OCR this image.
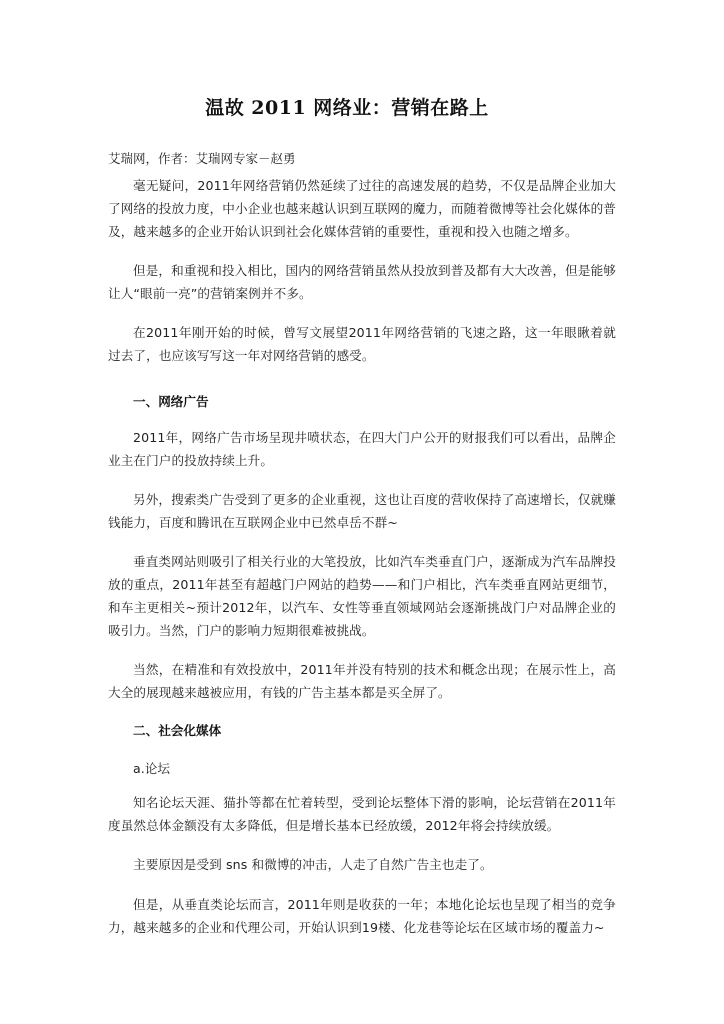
温故 2011 网络业：营销在路上
艾瑞网，作者：艾瑞网专家－赵勇

毫无疑问，2011年网络营销仍然延续了过往的高速发展的趋势，不仅是品牌企业加大了网络的投放力度，中小企业也越来越认识到互联网的魔力，而随着微博等社会化媒体的普及，越来越多的企业开始认识到社会化媒体营销的重要性，重视和投入也随之增多。

但是，和重视和投入相比，国内的网络营销虽然从投放到普及都有大大改善，但是能够让人“眼前一亮”的营销案例并不多。

在2011年刚开始的时候，曾写文展望2011年网络营销的飞速之路，这一年眼瞅着就过去了，也应该写写这一年对网络营销的感受。

一、网络广告

2011年，网络广告市场呈现井喷状态，在四大门户公开的财报我们可以看出，品牌企业主在门户的投放持续上升。

另外，搜索类广告受到了更多的企业重视，这也让百度的营收保持了高速增长，仅就赚钱能力，百度和腾讯在互联网企业中已然卓岳不群~

垂直类网站则吸引了相关行业的大笔投放，比如汽车类垂直门户，逐渐成为汽车品牌投放的重点，2011年甚至有超越门户网站的趋势——和门户相比，汽车类垂直网站更细节，和车主更相关~预计2012年，以汽车、女性等垂直领域网站会逐渐挑战门户对品牌企业的吸引力。当然，门户的影响力短期很难被挑战。

当然，在精准和有效投放中，2011年并没有特别的技术和概念出现；在展示性上，高大全的展现越来越被应用，有钱的广告主基本都是买全屏了。

二、社会化媒体
a.论坛

知名论坛天涯、猫扑等都在忙着转型，受到论坛整体下滑的影响，论坛营销在2011年度虽然总体金额没有太多降低，但是增长基本已经放缓，2012年将会持续放缓。

主要原因是受到 sns 和微博的冲击，人走了自然广告主也走了。

但是，从垂直类论坛而言，2011年则是收获的一年；本地化论坛也呈现了相当的竞争力，越来越多的企业和代理公司，开始认识到19楼、化龙巷等论坛在区域市场的覆盖力~
